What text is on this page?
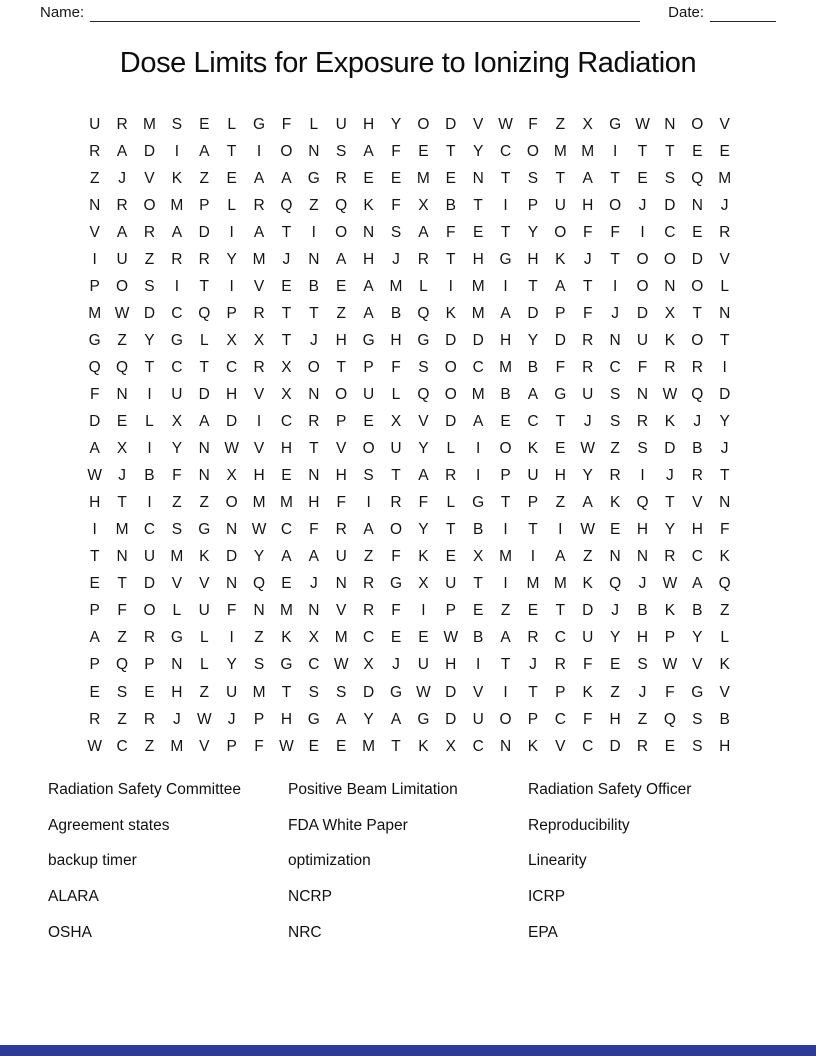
Name:	Date:
Dose Limits for Exposure to Ionizing Radiation
U	R M	S	E	L	G	F	L	U	H	Y	O	D	V W F	Z	X	G W N	O	V
R	A	D	I	A	T	I	O	N	S	A	F	E	T	Y	C	O M M	I	T	T	E	E
Z	J	V	K	Z	E	A	A	G	R	E	E	M	E	N	T	S	T	A	T	E	S	Q M
N	R	O M	P	L	R	Q	Z	Q	K	F	X	B	T	I	P	U	H	O	J	D	N	J
V	A	R	A	D	I	A	T	I	O	N	S	A	F	E	T	Y	O	F	F	I	C	E	R
I	U	Z	R	R	Y	M	J	N	A	H	J	R	T	H	G	H	K	J	T	O O	D	V
P	O	S	I	T	I	V	E	B	E	A	M	L	I	M	I	T	A	T	I	O	N	O	L
M W D	C	Q	P	R	T	T	Z	A	B	Q	K	M	A	D	P	F	J	D	X	T	N
G	Z	Y	G	L	X	X	T	J	H	G	H	G	D	D	H	Y	D	R	N	U	K	O	T
Q Q	T	C	T	C	R	X	O	T	P	F	S	O	C M	B	F	R	C	F	R	R	I
F	N	I	U	D	H	V	X	N	O	U	L	Q O M	B	A	G	U	S	N W Q	D
D	E	L	X	A	D	I	C	R	P	E	X	V	D	A	E	C	T	J	S	R	K	J	Y
A	X	I	Y	N W V	H	T	V	O	U	Y	L	I	O	K	E W Z	S	D	B	J
W	J	B	F	N	X	H	E	N	H	S	T	A	R	I	P	U	H	Y	R	I	J	R	T
H	T	I	Z	Z	O M M H	F	I	R	F	L	G	T	P	Z	A	K	Q	T	V	N
I	M C	S	G	N W C	F	R	A	O	Y	T	B	I	T	I	W E	H	Y	H	F
T	N	U M	K	D	Y	A	A	U	Z	F	K	E	X	M	I	A	Z	N	N	R	C	K
E	T	D	V	V	N	Q	E	J	N	R	G	X	U	T	I	M M	K	Q	J	W A	Q
P	F	O	L	U	F	N M N	V	R	F	I	P	E	Z	E	T	D	J	B	K	B	Z
A	Z	R	G	L	I	Z	K	X	M C	E	E W B	A	R	C	U	Y	H	P	Y	L
P	Q	P	N	L	Y	S	G	C W X	J	U	H	I	T	J	R	F	E	S W V	K
E	S	E	H	Z	U M	T	S	S	D	G W D	V	I	T	P	K	Z	J	F	G	V
R	Z	R	J	W	J	P	H	G	A	Y	A	G	D	U	O	P	C	F	H	Z	Q	S	B
W C	Z	M	V	P	F W E	E	M	T	K	X	C	N	K	V	C	D	R	E	S	H
Radiation Safety Committee	Positive Beam Limitation	Radiation Safety Officer
Agreement states	FDA White Paper	Reproducibility
backup timer	optimization	Linearity
ALARA	NCRP	ICRP
OSHA	NRC	EPA
